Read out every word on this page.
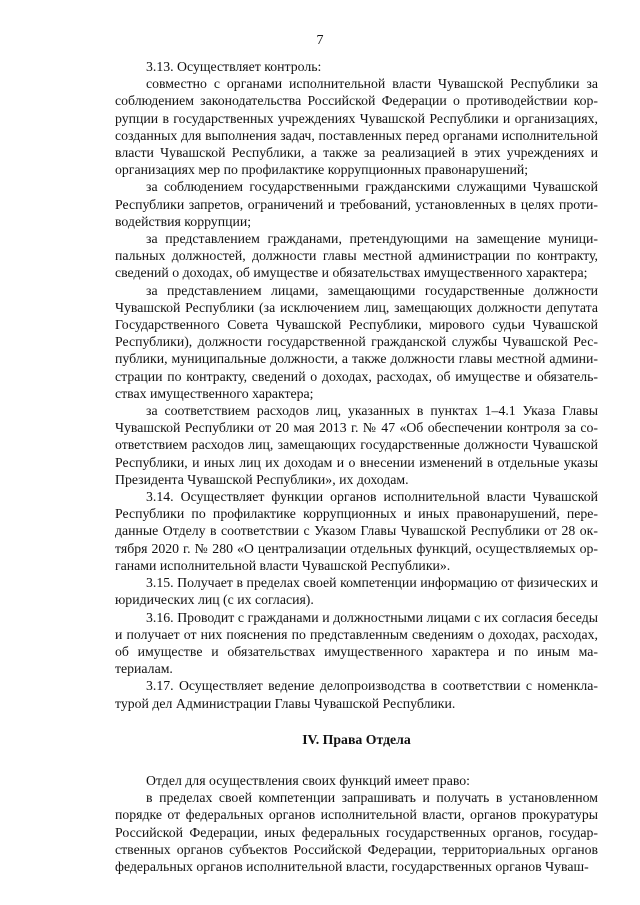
7

3.13. Осуществляет контроль:

совместно с органами исполнительной власти Чувашской Республики за соблюдением законодательства Российской Федерации о противодействии коррупции в государственных учреждениях Чувашской Республики и организациях, созданных для выполнения задач, поставленных перед органами исполнительной власти Чувашской Республики, а также за реализацией в этих учреждениях и организациях мер по профилактике коррупционных правонарушений;

за соблюдением государственными гражданскими служащими Чувашской Республики запретов, ограничений и требований, установленных в целях противодействия коррупции;

за представлением гражданами, претендующими на замещение муниципальных должностей, должности главы местной администрации по контракту, сведений о доходах, об имуществе и обязательствах имущественного характера;

за представлением лицами, замещающими государственные должности Чувашской Республики (за исключением лиц, замещающих должности депутата Государственного Совета Чувашской Республики, мирового судьи Чувашской Республики), должности государственной гражданской службы Чувашской Республики, муниципальные должности, а также должности главы местной администрации по контракту, сведений о доходах, расходах, об имуществе и обязательствах имущественного характера;

за соответствием расходов лиц, указанных в пунктах 1–4.1 Указа Главы Чувашской Республики от 20 мая 2013 г. № 47 «Об обеспечении контроля за соответствием расходов лиц, замещающих государственные должности Чувашской Республики, и иных лиц их доходам и о внесении изменений в отдельные указы Президента Чувашской Республики», их доходам.

3.14. Осуществляет функции органов исполнительной власти Чувашской Республики по профилактике коррупционных и иных правонарушений, переданные Отделу в соответствии с Указом Главы Чувашской Республики от 28 октября 2020 г. № 280 «О централизации отдельных функций, осуществляемых органами исполнительной власти Чувашской Республики».

3.15. Получает в пределах своей компетенции информацию от физических и юридических лиц (с их согласия).

3.16. Проводит с гражданами и должностными лицами с их согласия беседы и получает от них пояснения по представленным сведениям о доходах, расходах, об имуществе и обязательствах имущественного характера и по иным материалам.

3.17. Осуществляет ведение делопроизводства в соответствии с номенклатурой дел Администрации Главы Чувашской Республики.

IV. Права Отдела

Отдел для осуществления своих функций имеет право:

в пределах своей компетенции запрашивать и получать в установленном порядке от федеральных органов исполнительной власти, органов прокуратуры Российской Федерации, иных федеральных государственных органов, государственных органов субъектов Российской Федерации, территориальных органов федеральных органов исполнительной власти, государственных органов Чуваш-
